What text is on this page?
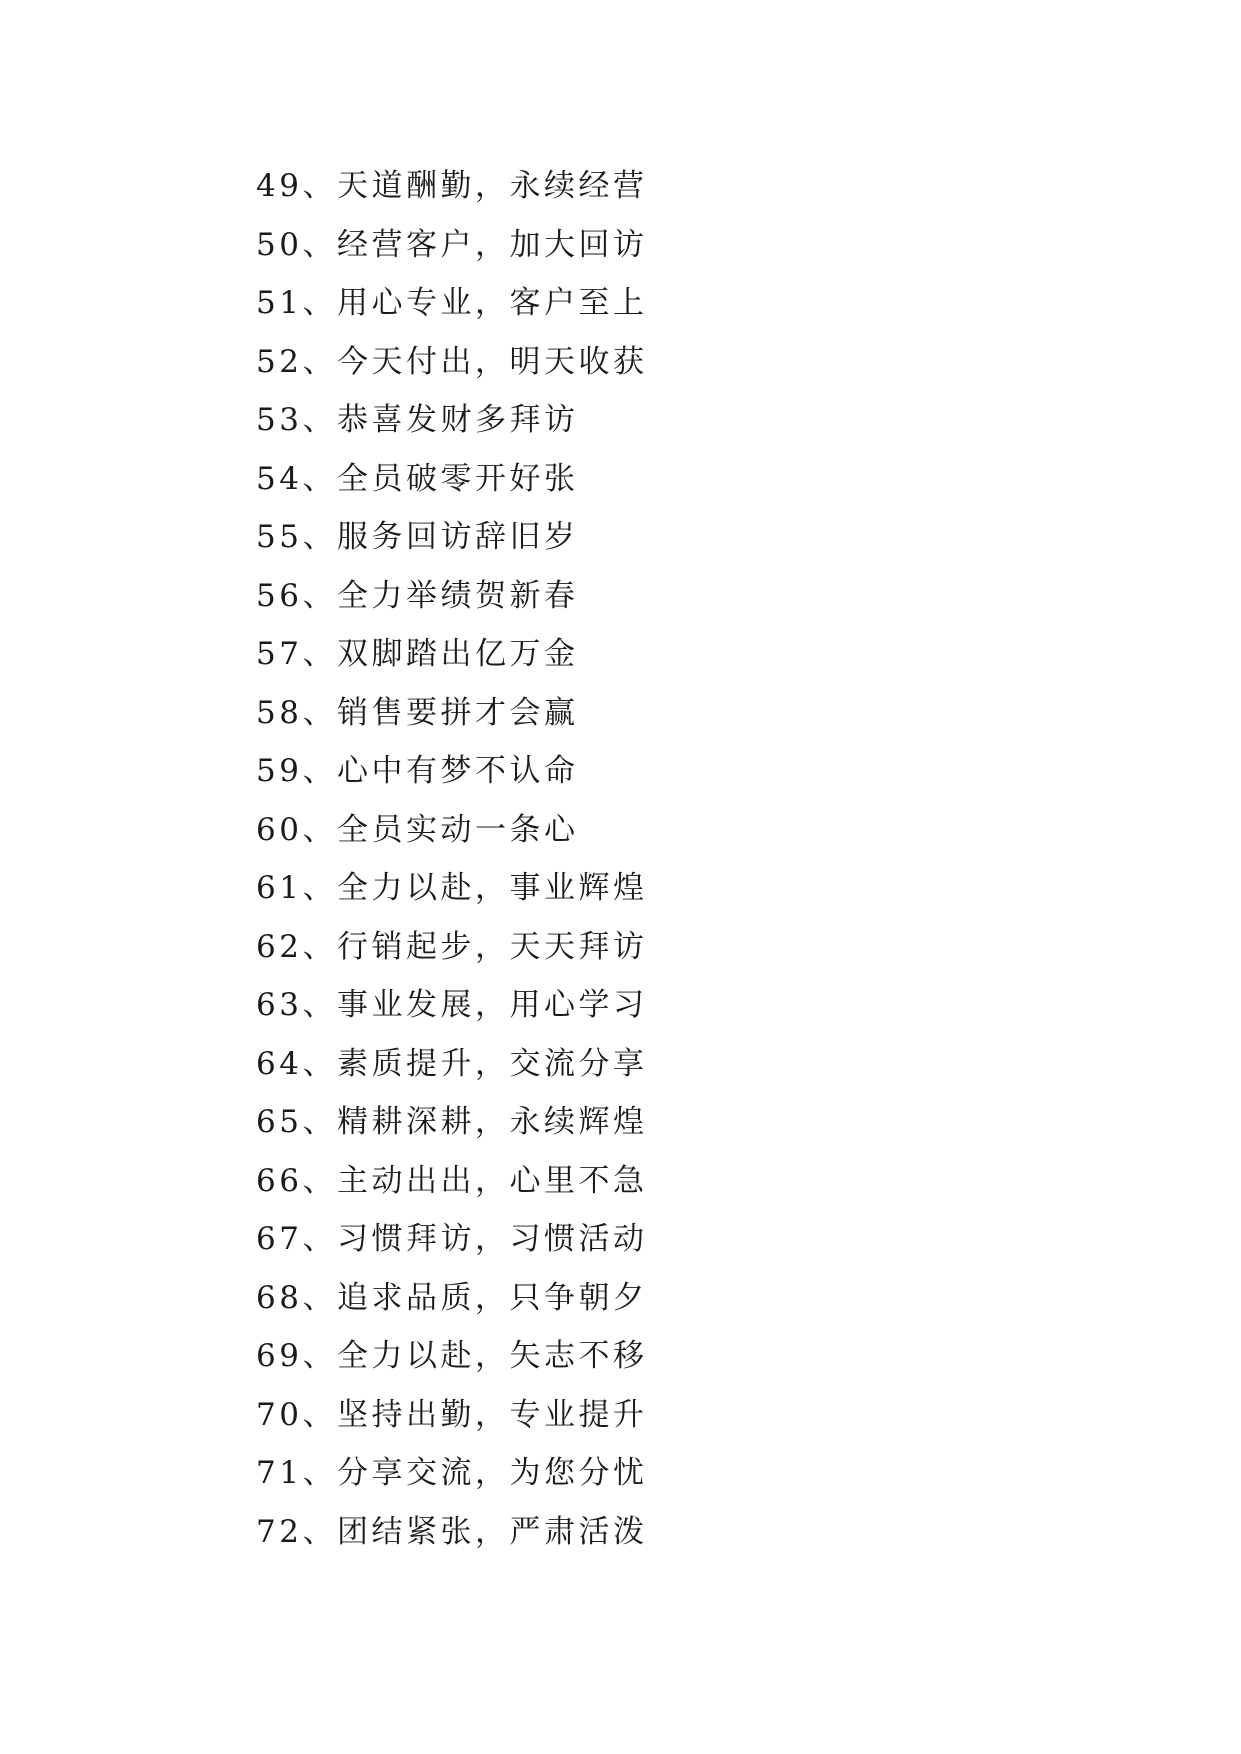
49、天道酬勤，永续经营
50、经营客户，加大回访
51、用心专业，客户至上
52、今天付出，明天收获
53、恭喜发财多拜访
54、全员破零开好张
55、服务回访辞旧岁
56、全力举绩贺新春
57、双脚踏出亿万金
58、销售要拼才会赢
59、心中有梦不认命
60、全员实动一条心
61、全力以赴，事业辉煌
62、行销起步，天天拜访
63、事业发展，用心学习
64、素质提升，交流分享
65、精耕深耕，永续辉煌
66、主动出出，心里不急
67、习惯拜访，习惯活动
68、追求品质，只争朝夕
69、全力以赴，矢志不移
70、坚持出勤，专业提升
71、分享交流，为您分忧
72、团结紧张，严肃活泼
